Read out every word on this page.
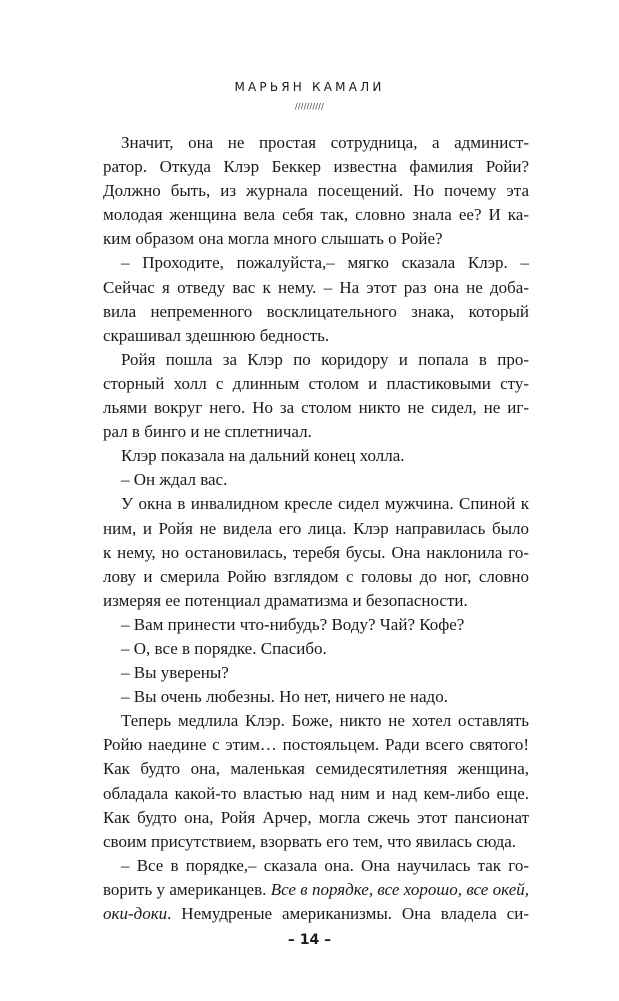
МАРЬЯН КАМАЛИ
//////////
Значит, она не простая сотрудница, а админист-
ратор. Откуда Клэр Беккер известна фамилия Ройи?
Должно быть, из журнала посещений. Но почему эта
молодая женщина вела себя так, словно знала ее? И ка-
ким образом она могла много слышать о Ройе?
– Проходите, пожалуйста,– мягко сказала Клэр. –
Сейчас я отведу вас к нему. – На этот раз она не доба-
вила непременного восклицательного знака, который
скрашивал здешнюю бедность.
Ройя пошла за Клэр по коридору и попала в про-
сторный холл с длинным столом и пластиковыми сту-
льями вокруг него. Но за столом никто не сидел, не иг-
рал в бинго и не сплетничал.
Клэр показала на дальний конец холла.
– Он ждал вас.
У окна в инвалидном кресле сидел мужчина. Спиной к
ним, и Ройя не видела его лица. Клэр направилась было
к нему, но остановилась, теребя бусы. Она наклонила го-
лову и смерила Ройю взглядом с головы до ног, словно
измеряя ее потенциал драматизма и безопасности.
– Вам принести что-нибудь? Воду? Чай? Кофе?
– О, все в порядке. Спасибо.
– Вы уверены?
– Вы очень любезны. Но нет, ничего не надо.
Теперь медлила Клэр. Боже, никто не хотел оставлять
Ройю наедине с этим… постояльцем. Ради всего святого!
Как будто она, маленькая семидесятилетняя женщина,
обладала какой-то властью над ним и над кем-либо еще.
Как будто она, Ройя Арчер, могла сжечь этот пансионат
своим присутствием, взорвать его тем, что явилась сюда.
– Все в порядке,– сказала она. Она научилась так го-
ворить у американцев. Все в порядке, все хорошо, все окей,
оки-доки. Немудреные американизмы. Она владела си-
– 14 –
